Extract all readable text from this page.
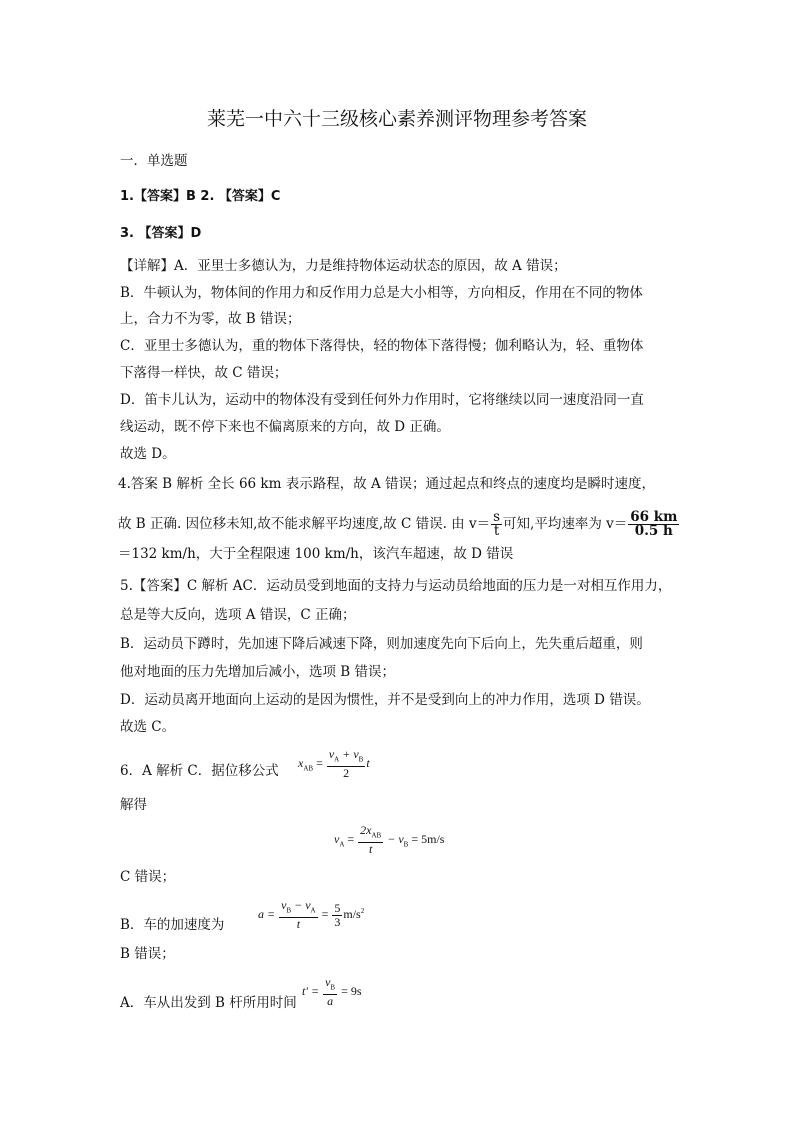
莱芜一中六十三级核心素养测评物理参考答案
一．单选题
1.【答案】B 2. 【答案】C
3. 【答案】D
【详解】A．亚里士多德认为，力是维持物体运动状态的原因，故 A 错误；
B．牛顿认为，物体间的作用力和反作用力总是大小相等，方向相反，作用在不同的物体
上，合力不为零，故 B 错误；
C．亚里士多德认为，重的物体下落得快，轻的物体下落得慢；伽利略认为，轻、重物体
下落得一样快，故 C 错误；
D．笛卡儿认为，运动中的物体没有受到任何外力作用时，它将继续以同一速度沿同一直
线运动，既不停下来也不偏离原来的方向，故 D 正确。
故选 D。
4.答案 B 解析 全长 66 km 表示路程，故 A 错误；通过起点和终点的速度均是瞬时速度，
故 B 正确. 因位移未知,故不能求解平均速度,故 C 错误. 由 $v= \frac{s}{t}$ 可知,平均速率为 $v= \frac{66 km}{0.5 h}$
＝132 km/h，大于全程限速 100 km/h，该汽车超速，故 D 错误
5.【答案】C 解析 AC．运动员受到地面的支持力与运动员给地面的压力是一对相互作用力，
总是等大反向，选项 A 错误，C 正确；
B．运动员下蹲时，先加速下降后减速下降，则加速度先向下后向上，先失重后超重，则
他对地面的压力先增加后减小，选项 B 错误；
D．运动员离开地面向上运动的是因为惯性，并不是受到向上的冲力作用，选项 D 错误。
故选 C。
6．A 解析 C．据位移公式
$x_{AB} = \frac{v_A + v_B}{2}$ t
解得
$v_A = \frac{2x_{AB}}{t} - v_B = 5m/s$
C 错误；
B．车的加速度为
$a = \frac{v_B - v_A}{t} = \frac{5}{3} m/s^2$
B 错误；
A．车从出发到 B 杆所用时间
$t' = \frac{v_B}{a} = 9s$
